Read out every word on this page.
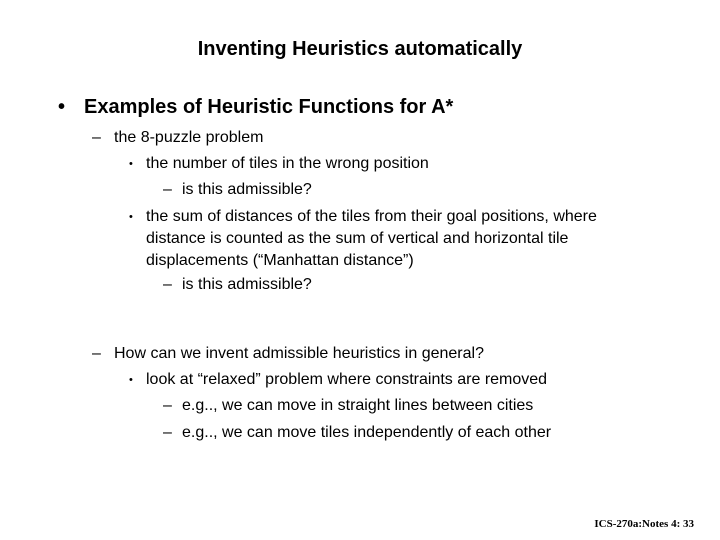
Inventing Heuristics automatically
• Examples of Heuristic Functions for A*
– the 8-puzzle problem
• the number of tiles in the wrong position
– is this admissible?
• the sum of distances of the tiles from their goal positions, where
distance is counted as the sum of vertical and horizontal tile
displacements (“Manhattan distance”)
– is this admissible?
– How can we invent admissible heuristics in general?
• look at “relaxed” problem where constraints are removed
– e.g.., we can move in straight lines between cities
– e.g.., we can move tiles independently of each other
ICS-270a:Notes 4: 33
